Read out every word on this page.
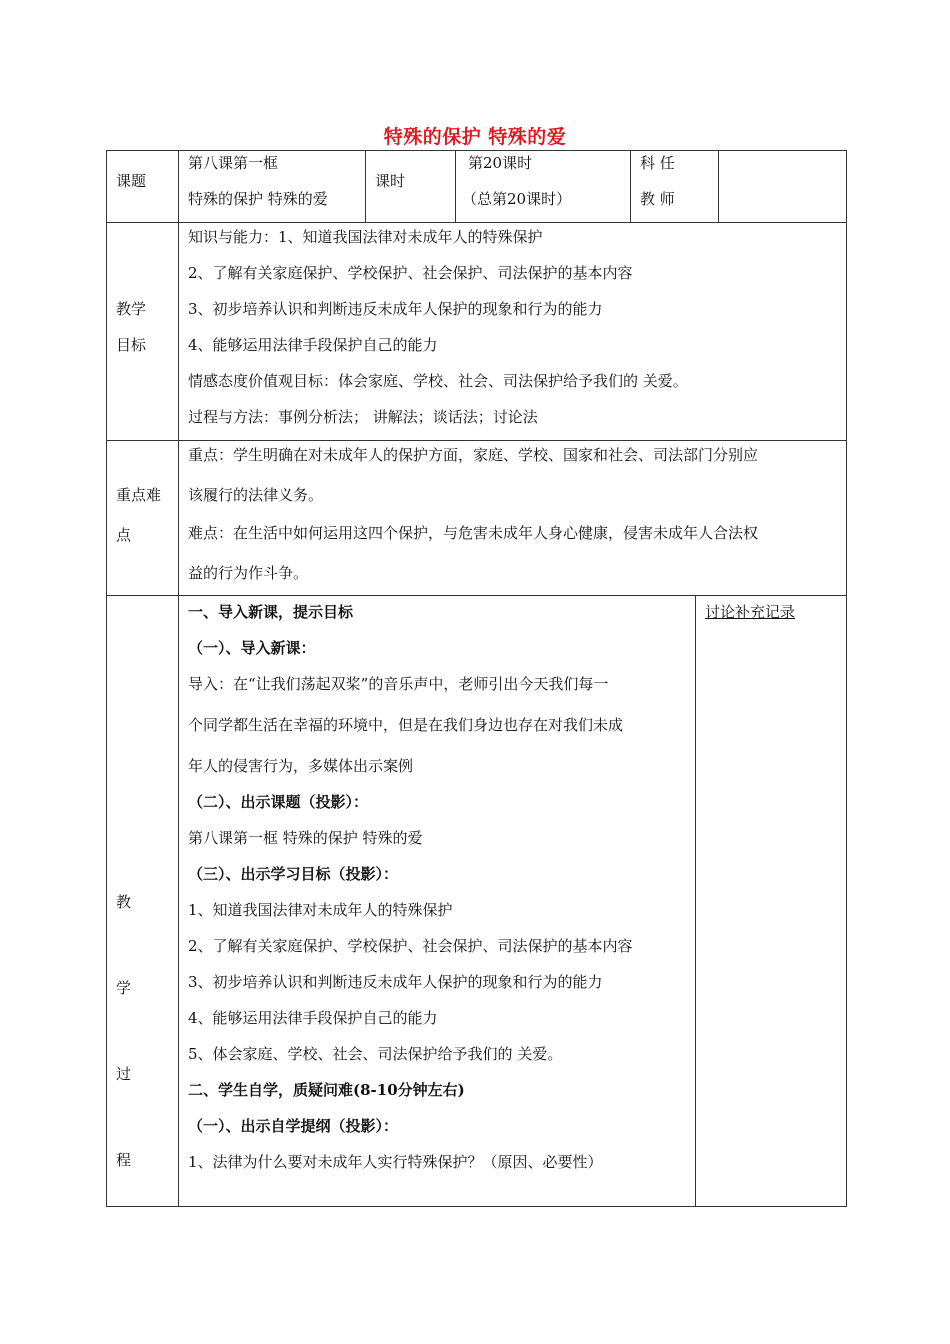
特殊的保护 特殊的爱
课题
第八课第一框
特殊的保护 特殊的爱
课时
第20课时
（总第20课时）
科 任
教 师
教学
目标
知识与能力：1、知道我国法律对未成年人的特殊保护
2、了解有关家庭保护、学校保护、社会保护、司法保护的基本内容
3、初步培养认识和判断违反未成年人保护的现象和行为的能力
4、能够运用法律手段保护自己的能力
情感态度价值观目标：体会家庭、学校、社会、司法保护给予我们的 关爱。
过程与方法：事例分析法； 讲解法；谈话法；讨论法
重点难
点
重点：学生明确在对未成年人的保护方面，家庭、学校、国家和社会、司法部门分别应
该履行的法律义务。
难点：在生活中如何运用这四个保护，与危害未成年人身心健康，侵害未成年人合法权
益的行为作斗争。
教
学
过
程
讨论补充记录
一、导入新课，提示目标
（一）、导入新课：
导入：在“让我们荡起双桨”的音乐声中，老师引出今天我们每一
个同学都生活在幸福的环境中，但是在我们身边也存在对我们未成
年人的侵害行为，多媒体出示案例
（二）、出示课题（投影）：
第八课第一框 特殊的保护 特殊的爱
（三）、出示学习目标（投影）：
1、知道我国法律对未成年人的特殊保护
2、了解有关家庭保护、学校保护、社会保护、司法保护的基本内容
3、初步培养认识和判断违反未成年人保护的现象和行为的能力
4、能够运用法律手段保护自己的能力
5、体会家庭、学校、社会、司法保护给予我们的 关爱。
二、学生自学，质疑问难(8-10分钟左右)
（一）、出示自学提纲（投影）：
1、法律为什么要对未成年人实行特殊保护？（原因、必要性）
